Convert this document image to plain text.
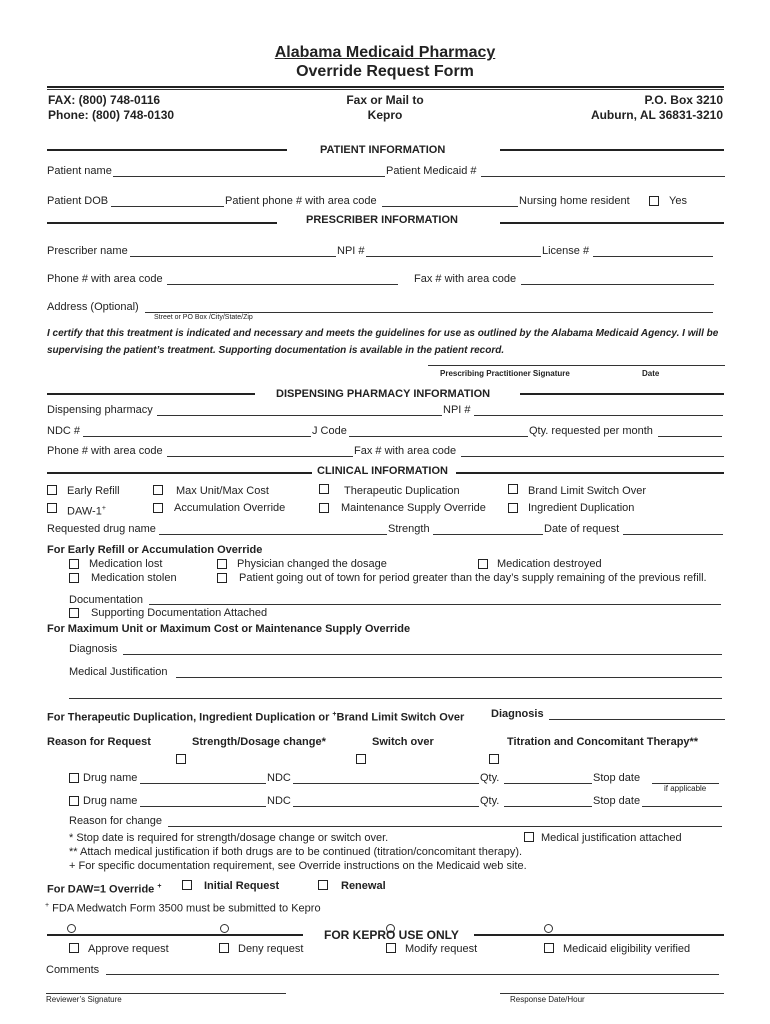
Alabama Medicaid Pharmacy
Override Request Form
FAX: (800) 748-0116
Phone: (800) 748-0130
Fax or Mail to
Kepro
P.O. Box 3210
Auburn, AL 36831-3210
PATIENT INFORMATION
Patient name	Patient Medicaid #
Patient DOB	Patient phone # with area code	Nursing home resident	Yes
PRESCRIBER INFORMATION
Prescriber name	NPI #	License #
Phone # with area code	Fax # with area code
Address (Optional)
Street or PO Box /City/State/Zip
I certify that this treatment is indicated and necessary and meets the guidelines for use as outlined by the Alabama Medicaid Agency. I will be
supervising the patient’s treatment. Supporting documentation is available in the patient record.
Prescribing Practitioner Signature	Date
DISPENSING PHARMACY INFORMATION
Dispensing pharmacy	NPI #
NDC #	J Code	Qty. requested per month
Phone # with area code	Fax # with area code
CLINICAL INFORMATION
Early Refill	Max Unit/Max Cost	Therapeutic Duplication	Brand Limit Switch Over
DAW-1+	Accumulation Override	Maintenance Supply Override	Ingredient Duplication
Requested drug name	Strength	Date of request
For Early Refill or Accumulation Override
Medication lost	Physician changed the dosage	Medication destroyed
Medication stolen	Patient going out of town for period greater than the day’s supply remaining of the previous refill.
Documentation
Supporting Documentation Attached
For Maximum Unit or Maximum Cost or Maintenance Supply Override
Diagnosis
Medical Justification
For Therapeutic Duplication, Ingredient Duplication or +Brand Limit Switch Over Diagnosis
Reason for Request	Strength/Dosage change*	Switch over	Titration and Concomitant Therapy**
Drug name	NDC	Qty.	Stop date
if applicable
Drug name	NDC	Qty.	Stop date
Reason for change
* Stop date is required for strength/dosage change or switch over.	Medical justification attached
** Attach medical justification if both drugs are to be continued (titration/concomitant therapy).
+ For specific documentation requirement, see Override instructions on the Medicaid web site.
For DAW=1 Override +	Initial Request	Renewal
+ FDA Medwatch Form 3500 must be submitted to Kepro
FOR KEPRO USE ONLY
Approve request	Deny request	Modify request	Medicaid eligibility verified
Comments
Reviewer’s Signature	Response Date/Hour
